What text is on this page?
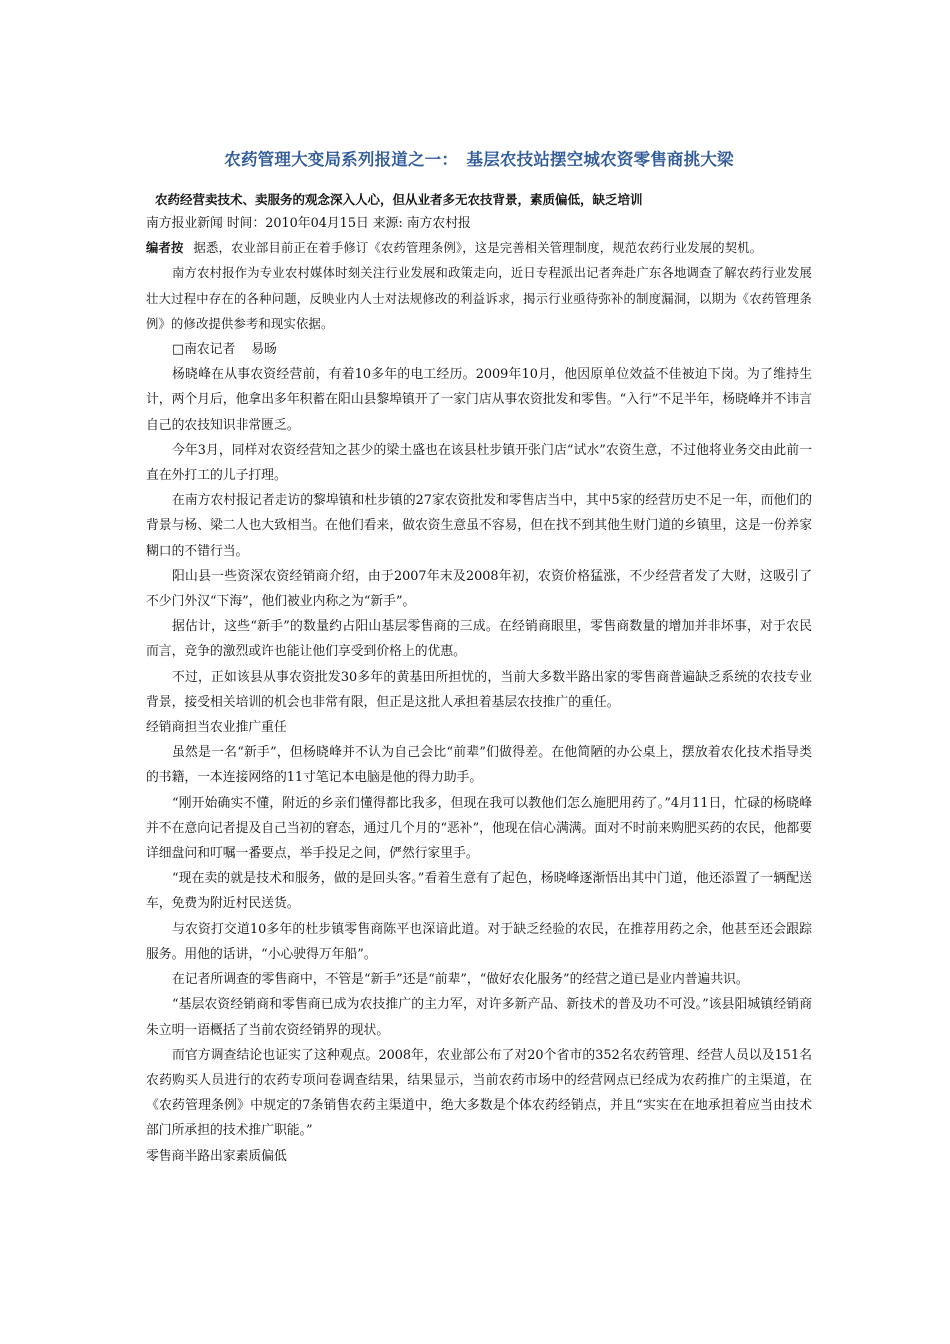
农药管理大变局系列报道之一：　基层农技站摆空城农资零售商挑大梁
农药经营卖技术、卖服务的观念深入人心，但从业者多无农技背景，素质偏低，缺乏培训

南方报业新闻 时间：2010年04月15日 来源: 南方农村报

编者按 据悉，农业部目前正在着手修订《农药管理条例》，这是完善相关管理制度，规范农药行业发展的契机。

南方农村报作为专业农村媒体时刻关注行业发展和政策走向，近日专程派出记者奔赴广东各地调查了解农药行业发展壮大过程中存在的各种问题，反映业内人士对法规修改的利益诉求，揭示行业亟待弥补的制度漏洞，以期为《农药管理条例》的修改提供参考和现实依据。

□南农记者 易旸

杨晓峰在从事农资经营前，有着10多年的电工经历。2009年10月，他因原单位效益不佳被迫下岗。为了维持生计，两个月后，他拿出多年积蓄在阳山县黎埠镇开了一家门店从事农资批发和零售。“入行”不足半年，杨晓峰并不讳言自己的农技知识非常匮乏。

今年3月，同样对农资经营知之甚少的梁土盛也在该县杜步镇开张门店“试水”农资生意，不过他将业务交由此前一直在外打工的儿子打理。

在南方农村报记者走访的黎埠镇和杜步镇的27家农资批发和零售店当中，其中5家的经营历史不足一年，而他们的背景与杨、梁二人也大致相当。在他们看来，做农资生意虽不容易，但在找不到其他生财门道的乡镇里，这是一份养家糊口的不错行当。

阳山县一些资深农资经销商介绍，由于2007年末及2008年初，农资价格猛涨，不少经营者发了大财，这吸引了不少门外汉“下海”，他们被业内称之为“新手”。

据估计，这些“新手”的数量约占阳山基层零售商的三成。在经销商眼里，零售商数量的增加并非坏事，对于农民而言，竞争的激烈或许也能让他们享受到价格上的优惠。

不过，正如该县从事农资批发30多年的黄基田所担忧的，当前大多数半路出家的零售商普遍缺乏系统的农技专业背景，接受相关培训的机会也非常有限，但正是这批人承担着基层农技推广的重任。

经销商担当农业推广重任

虽然是一名“新手”，但杨晓峰并不认为自己会比“前辈”们做得差。在他简陋的办公桌上，摆放着农化技术指导类的书籍，一本连接网络的11寸笔记本电脑是他的得力助手。

“刚开始确实不懂，附近的乡亲们懂得都比我多，但现在我可以教他们怎么施肥用药了。”4月11日，忙碌的杨晓峰并不在意向记者提及自己当初的窘态，通过几个月的“恶补”，他现在信心满满。面对不时前来购肥买药的农民，他都要详细盘问和叮嘱一番要点，举手投足之间，俨然行家里手。

“现在卖的就是技术和服务，做的是回头客。”看着生意有了起色，杨晓峰逐渐悟出其中门道，他还添置了一辆配送车，免费为附近村民送货。

与农资打交道10多年的杜步镇零售商陈平也深谙此道。对于缺乏经验的农民，在推荐用药之余，他甚至还会跟踪服务。用他的话讲，“小心驶得万年船”。

在记者所调查的零售商中，不管是“新手”还是“前辈”，“做好农化服务”的经营之道已是业内普遍共识。

“基层农资经销商和零售商已成为农技推广的主力军，对许多新产品、新技术的普及功不可没。”该县阳城镇经销商朱立明一语概括了当前农资经销界的现状。

而官方调查结论也证实了这种观点。2008年，农业部公布了对20个省市的352名农药管理、经营人员以及151名农药购买人员进行的农药专项问卷调查结果，结果显示，当前农药市场中的经营网点已经成为农药推广的主渠道，在《农药管理条例》中规定的7条销售农药主渠道中，绝大多数是个体农药经销点，并且“实实在在地承担着应当由技术部门所承担的技术推广职能。”

零售商半路出家素质偏低
